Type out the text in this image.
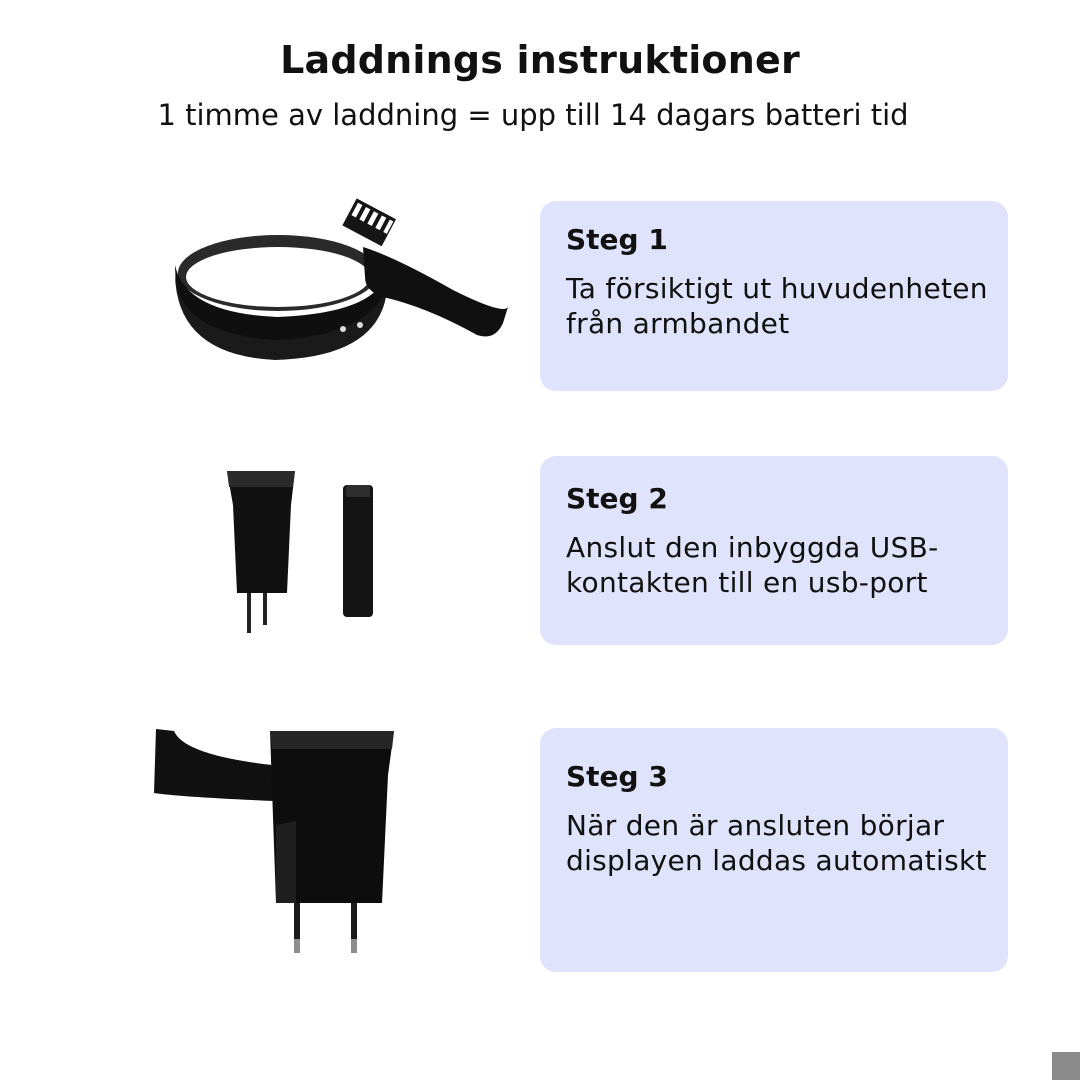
Laddnings instruktioner

1 timme av laddning = upp till 14 dagars batteri tid

Steg 1

Ta försiktigt ut huvudenheten från armbandet

Steg 2

Anslut den inbyggda USB-kontakten till en usb-port

Steg 3

När den är ansluten börjar displayen laddas automatiskt
